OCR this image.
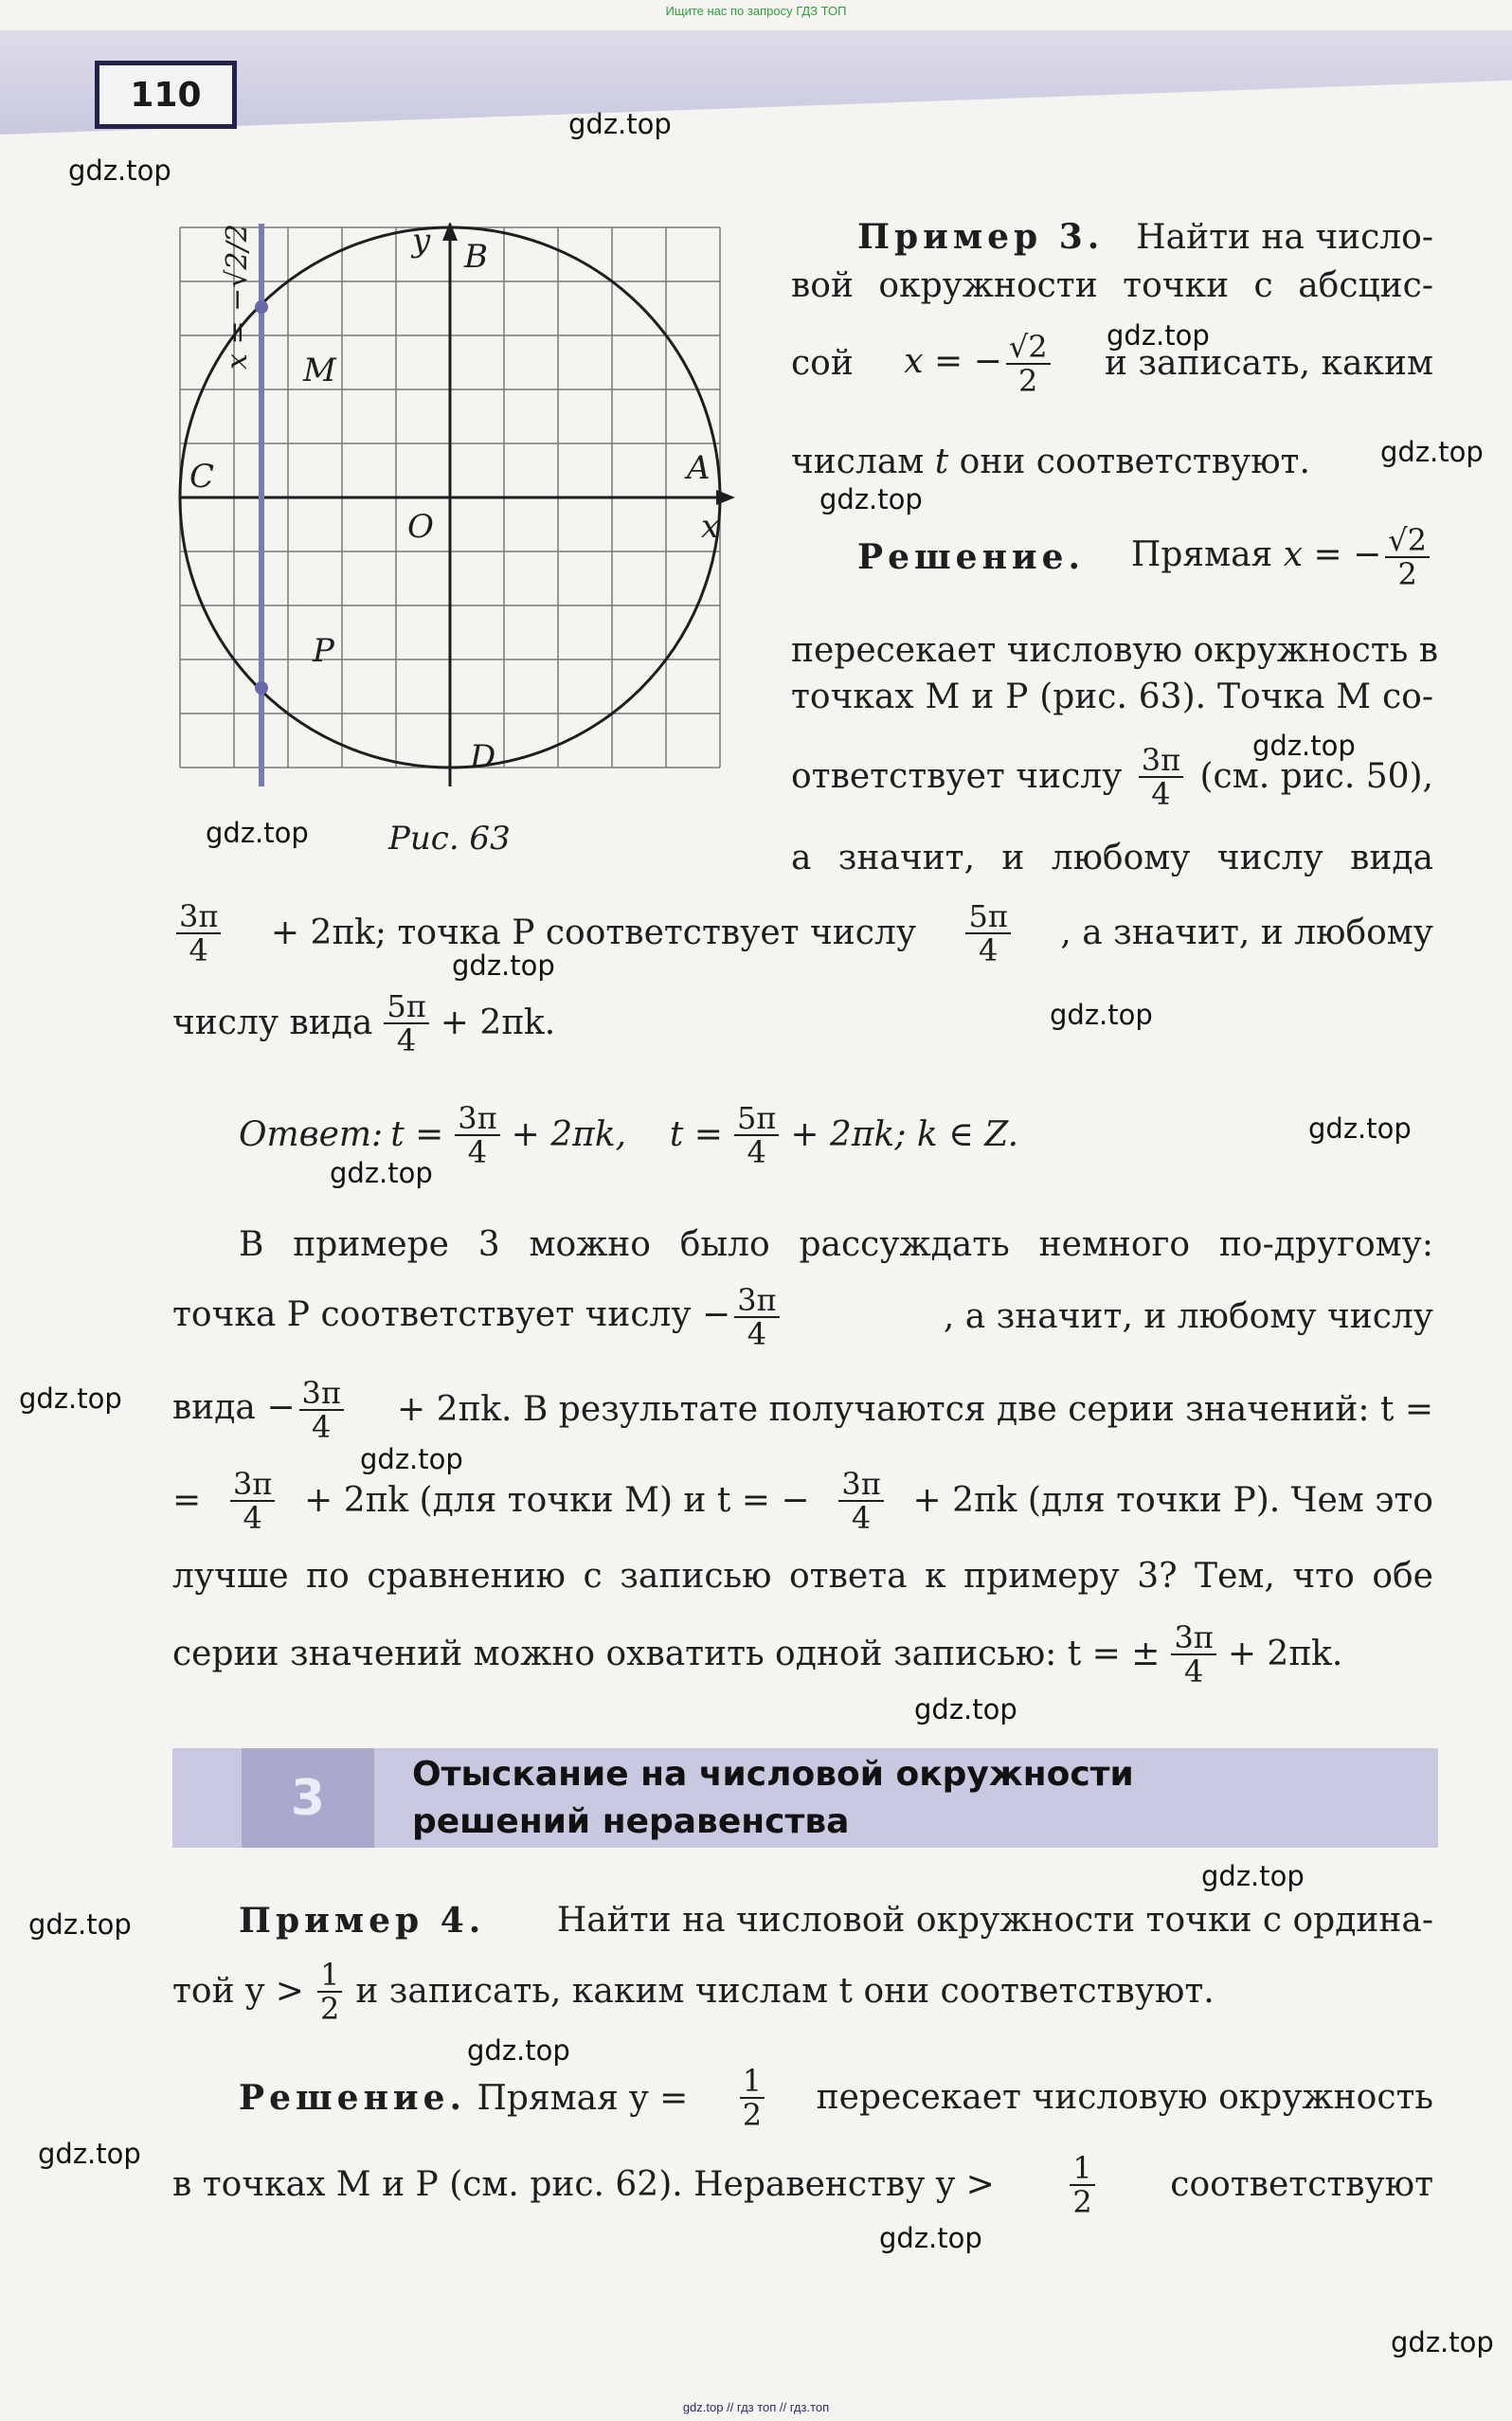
Ищите нас по запросу ГДЗ ТОП
110
gdz.top
gdz.top
gdz.top
gdz.top
gdz.top
gdz.top
gdz.top
gdz.top
gdz.top
gdz.top
gdz.top
gdz.top
gdz.top
gdz.top
gdz.top
gdz.top
gdz.top
gdz.top
gdz.top
gdz.top
y B
M
C	A
O	x
P
D
x = −√2/2
Рис. 63
Пример 3. Найти на число-
вой окружности точки с абсцис-
сой x = − $\frac{√2}{2}$ и записать, каким
числам t они соответствуют.
Решение. Прямая x = − $\frac{√2}{2}$
пересекает числовую окружность в
точках M и P (рис. 63). Точка M со-
ответствует числу $\frac{3\pi}{4} (см$. рис. 50),
а значит, и любому числу вида
$\frac{3\pi}{4} + 2\pi k$; точка P соответствует числу $\frac{5\pi}{4}$ , а значит, и любому
числу вида $\frac{5\pi}{4} + 2\pi k$.
Ответ: $t = \frac{3\pi}{4} + 2\pi k$,    $t = \frac{5\pi}{4} + 2\pi k$; k ∈ Z.
В примере 3 можно было рассуждать немного по-другому:
точка P соответствует числу − $\frac{3\pi}{4}$	, а значит, и любому числу
вида − $\frac{3\pi}{4} + 2\pi k$. В результате получаются две серии значений: t =
= $\frac{3\pi}{4} + 2\pi k$ (для точки M) и t = − $\frac{3\pi}{4} + 2\pi k$ (для точки P). Чем это
лучше по сравнению с записью ответа к примеру 3? Тем, что обе
серии значений можно охватить одной записью: t = ± $\frac{3\pi}{4} + 2\pi k$.
3	Отыскание на числовой окружности
решений неравенства
Пример 4. Найти на числовой окружности точки с ордина-
той $y > \frac{1}{2}$ и записать, каким числам t они соответствуют.
Решение. Прямая $y = \frac{1}{2}$ пересекает числовую окружность
в точках M и P (см. рис. 62). Неравенству $y > \frac{1}{2}$ соответствуют
gdz.top // гдз топ // гдз.топ
